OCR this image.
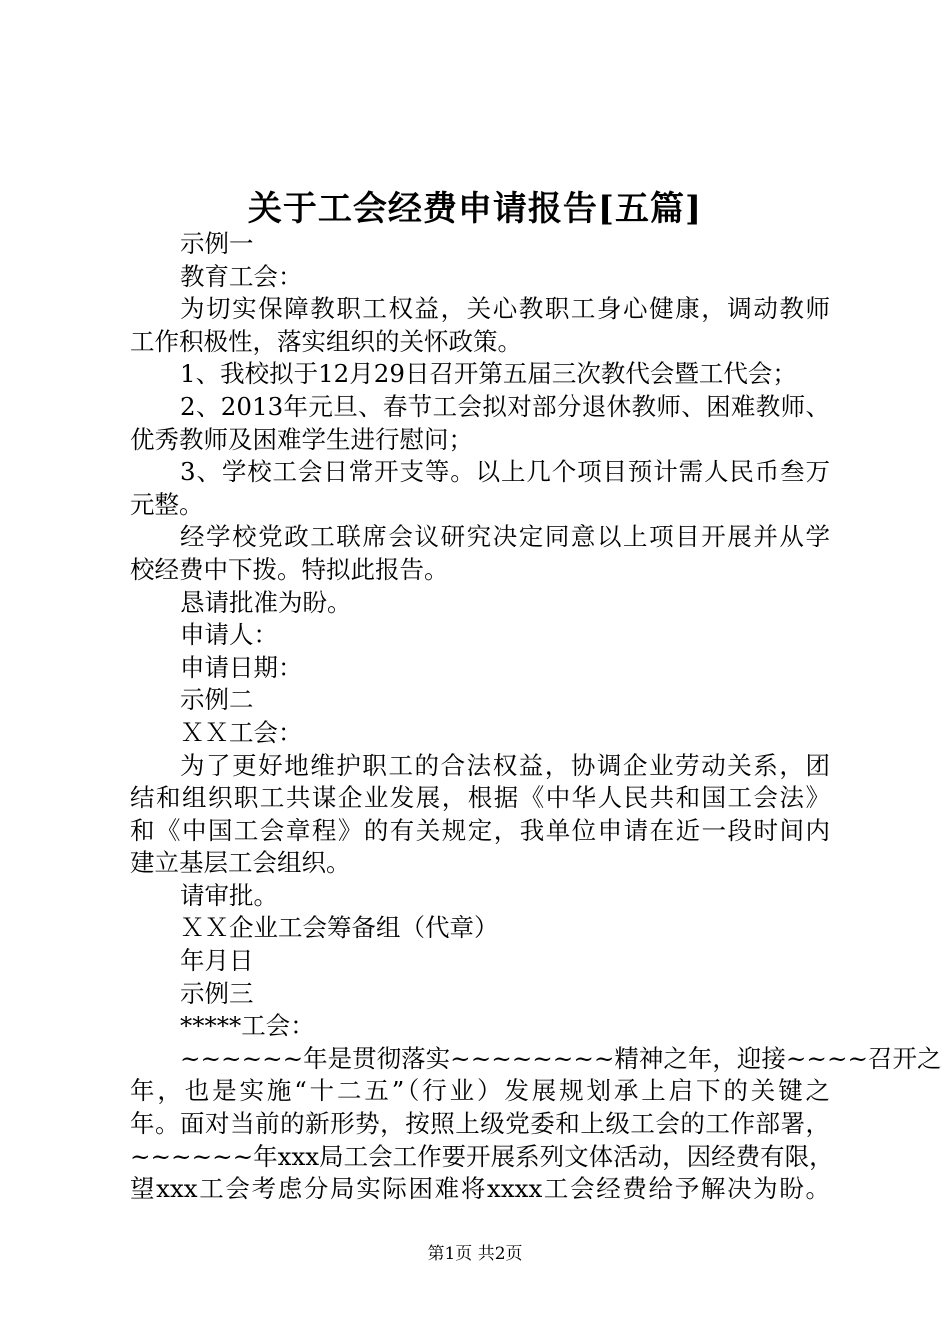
关于工会经费申请报告[五篇]
示例一
教育工会：
为切实保障教职工权益，关心教职工身心健康，调动教师
工作积极性，落实组织的关怀政策。
1、我校拟于12月29日召开第五届三次教代会暨工代会；
2、2013年元旦、春节工会拟对部分退休教师、困难教师、
优秀教师及困难学生进行慰问；
3、学校工会日常开支等。以上几个项目预计需人民币叁万
元整。
经学校党政工联席会议研究决定同意以上项目开展并从学
校经费中下拨。特拟此报告。
恳请批准为盼。
申请人：
申请日期：
示例二
ＸＸ工会：
为了更好地维护职工的合法权益，协调企业劳动关系，团
结和组织职工共谋企业发展，根据《中华人民共和国工会法》
和《中国工会章程》的有关规定，我单位申请在近一段时间内
建立基层工会组织。
请审批。
ＸＸ企业工会筹备组（代章）
年月日
示例三
*****工会：
~~~~~~年是贯彻落实~~~~~~~~精神之年，迎接~~~~召开之
年，也是实施“十二五”（行业）发展规划承上启下的关键之
年。面对当前的新形势，按照上级党委和上级工会的工作部署，
~~~~~~年xxx局工会工作要开展系列文体活动，因经费有限，
望xxx工会考虑分局实际困难将xxxx工会经费给予解决为盼。
第1页 共2页
